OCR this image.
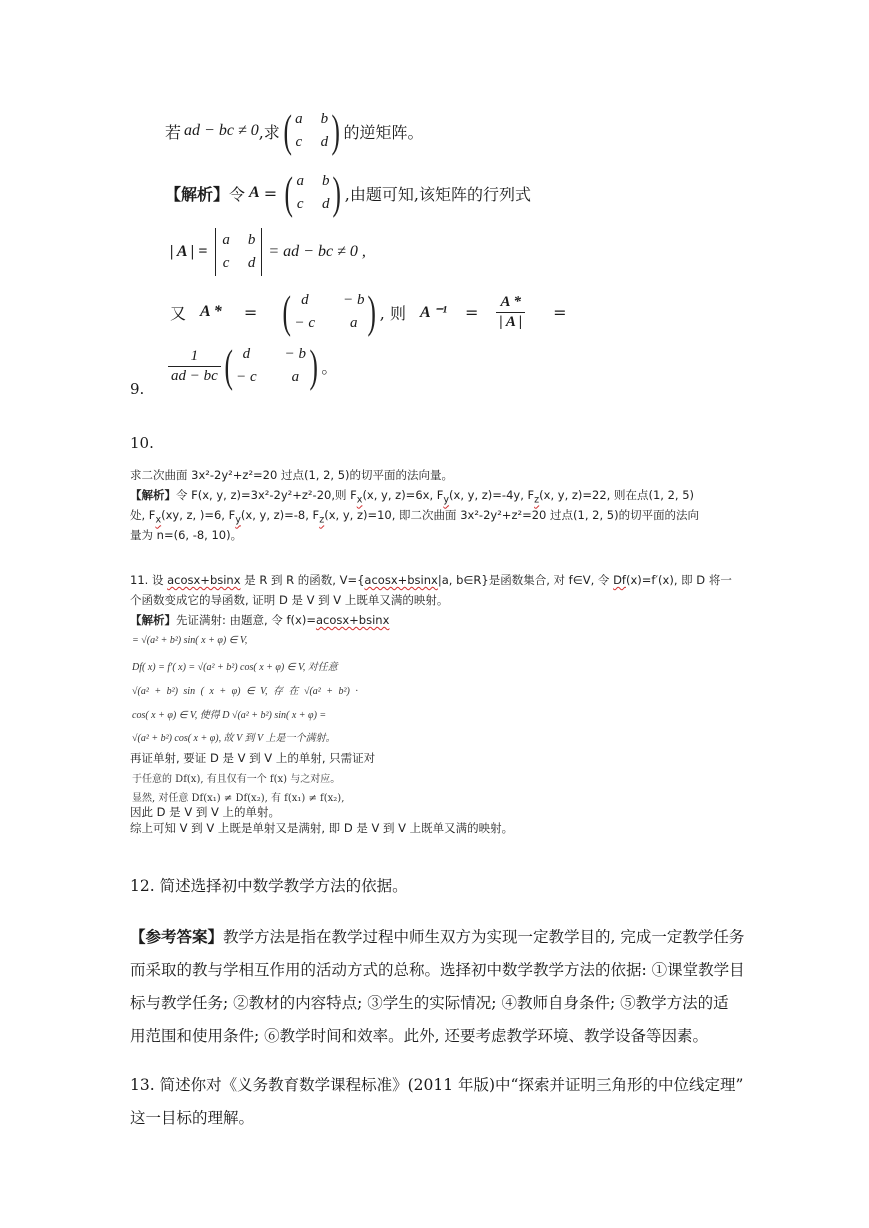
若 ad − bc ≠ 0 ,求 ( a b
c d ) 的逆矩阵。
【解析】 令 A = ( a b
c d ) ,由题可知,该矩阵的行列式
| A | =
a b
c d
= ad − bc ≠ 0 ,
又 A * = ( d	− b
− c	a ) , 则 A $^{-1} = \frac{A *}{| A |}$ =
9.
$\frac{1}{ad - bc}$ ( d	− b
− c	a ) 。
10.
求二次曲面 3x²-2y²+z²=20 过点(1, 2, 5)的切平面的法向量。
【解析】令 F(x, y, z)=3x²-2y²+z²-20,则 $F_x(x$, y, z)=6x, $F_y(x$, y, z)=-4y, $F_z(x$, y, z)=22, 则在点(1, 2, 5)
处, $F_x(xy$, z, )=6, $F_y(x$, y, z)=-8, $F_z(x$, y, z)=10, 即二次曲面 3x²-2y²+z²=20 过点(1, 2, 5)的切平面的法向
量为 n=(6, -8, 10)。
11. 设 acosx+bsinx 是 R 到 R 的函数, V={acosx+bsinx|a, b∈R}是函数集合, 对 f∈V, 令 Df(x)=f′(x), 即 D 将一
个函数变成它的导函数, 证明 D 是 V 到 V 上既单又满的映射。
【解析】先证满射: 由题意, 令 f(x)=acosx+bsinx
= √(a² + b²) sin( x + φ) ∈ V,
Df( x) = f′( x) = √(a² + b²) cos( x + φ) ∈ V, 对任意
√(a² + b²) sin ( x + φ) ∈ V, 存 在 √(a² + b²) ·
cos( x + φ) ∈ V, 使得 D √(a² + b²) sin( x + φ) =
√(a² + b²) cos( x + φ), 故 V 到 V 上是一个满射。
再证单射, 要证 D 是 V 到 V 上的单射, 只需证对
于任意的 Df(x), 有且仅有一个 f(x) 与之对应。
显然, 对任意 Df(x₁) ≠ Df(x₂), 有 f(x₁) ≠ f(x₂),
因此 D 是 V 到 V 上的单射。
综上可知 V 到 V 上既是单射又是满射, 即 D 是 V 到 V 上既单又满的映射。
12. 简述选择初中数学教学方法的依据。
【参考答案】教学方法是指在教学过程中师生双方为实现一定教学目的, 完成一定教学任务
而采取的教与学相互作用的活动方式的总称。选择初中数学教学方法的依据: ①课堂教学目
标与教学任务; ②教材的内容特点; ③学生的实际情况; ④教师自身条件; ⑤教学方法的适
用范围和使用条件; ⑥教学时间和效率。此外, 还要考虑教学环境、教学设备等因素。
13. 简述你对《义务教育数学课程标准》(2011 年版)中“探索并证明三角形的中位线定理”
这一目标的理解。
